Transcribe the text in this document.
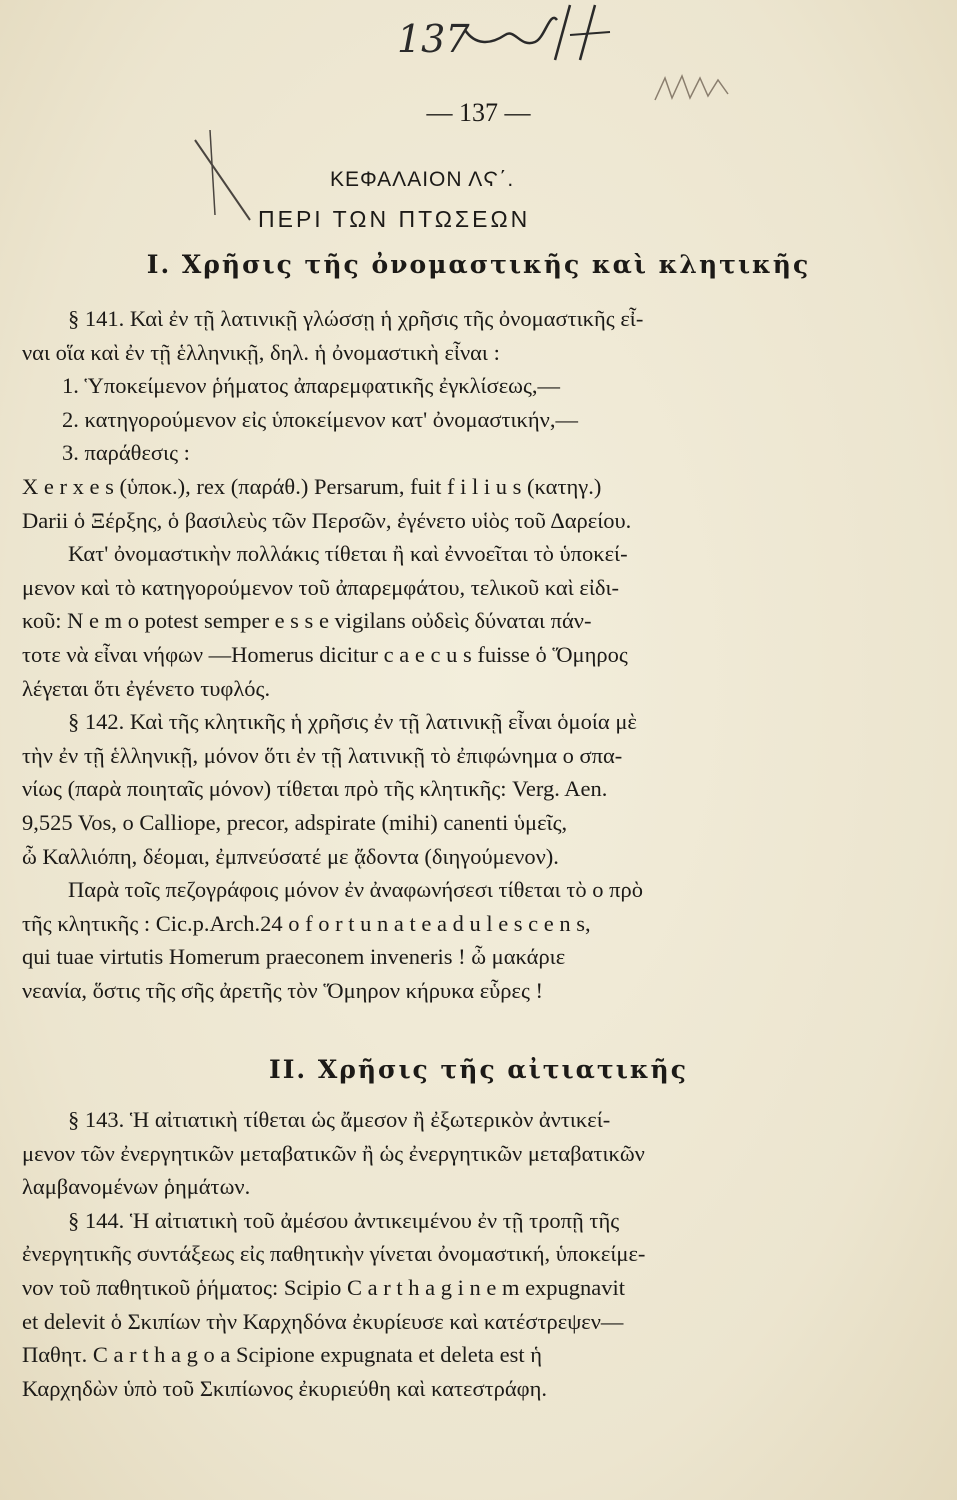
137
— 137 —
ΚΕΦΑΛΑΙΟΝ ΛϚ΄.
ΠΕΡΙ ΤΩΝ ΠΤΩΣΕΩΝ
I. Χρῆσις τῆς ὀνομαστικῆς καὶ κλητικῆς
§ 141. Καὶ ἐν τῇ λατινικῇ γλώσσῃ ἡ χρῆσις τῆς ὀνομαστικῆς εἶ-
ναι οἵα καὶ ἐν τῇ ἑλληνικῇ, δηλ. ἡ ὀνομαστικὴ εἶναι :
1. Ὑποκείμενον ῥήματος ἀπαρεμφατικῆς ἐγκλίσεως,—
2. κατηγορούμενον εἰς ὑποκείμενον κατ' ὀνομαστικήν,—
3. παράθεσις :
X e r x e s (ὑποκ.), rex (παράθ.) Persarum, fuit f i l i u s (κατηγ.)
Darii ὁ Ξέρξης, ὁ βασιλεὺς τῶν Περσῶν, ἐγένετο υἱὸς τοῦ Δαρείου.
Κατ' ὀνομαστικὴν πολλάκις τίθεται ἢ καὶ ἐννοεῖται τὸ ὑποκεί-
μενον καὶ τὸ κατηγορούμενον τοῦ ἀπαρεμφάτου, τελικοῦ καὶ εἰδι-
κοῦ: N e m o potest semper e s s e vigilans οὐδεὶς δύναται πάν-
τοτε νὰ εἶναι νήφων —Homerus dicitur c a e c u s fuisse ὁ Ὅμηρος
λέγεται ὅτι ἐγένετο τυφλός.
§ 142. Καὶ τῆς κλητικῆς ἡ χρῆσις ἐν τῇ λατινικῇ εἶναι ὁμοία μὲ
τὴν ἐν τῇ ἑλληνικῇ, μόνον ὅτι ἐν τῇ λατινικῇ τὸ ἐπιφώνημα o σπα-
νίως (παρὰ ποιηταῖς μόνον) τίθεται πρὸ τῆς κλητικῆς: Verg. Aen.
9,525 Vos, o Calliope, precor, adspirate (mihi) canenti ὑμεῖς,
ὦ Καλλιόπη, δέομαι, ἐμπνεύσατέ με ᾄδοντα (διηγούμενον).
Παρὰ τοῖς πεζογράφοις μόνον ἐν ἀναφωνήσεσι τίθεται τὸ o πρὸ
τῆς κλητικῆς : Cic.p.Arch.24 o f o r t u n a t e a d u l e s c e n s,
qui tuae virtutis Homerum praeconem inveneris ! ὦ μακάριε
νεανία, ὅστις τῆς σῆς ἀρετῆς τὸν Ὅμηρον κήρυκα εὗρες !
II. Χρῆσις τῆς αἰτιατικῆς
§ 143. Ἡ αἰτιατικὴ τίθεται ὡς ἄμεσον ἢ ἐξωτερικὸν ἀντικεί-
μενον τῶν ἐνεργητικῶν μεταβατικῶν ἢ ὡς ἐνεργητικῶν μεταβατικῶν
λαμβανομένων ῥημάτων.
§ 144. Ἡ αἰτιατικὴ τοῦ ἀμέσου ἀντικειμένου ἐν τῇ τροπῇ τῆς
ἐνεργητικῆς συντάξεως εἰς παθητικὴν γίνεται ὀνομαστική, ὑποκείμε-
νον τοῦ παθητικοῦ ῥήματος: Scipio C a r t h a g i n e m expugnavit
et delevit ὁ Σκιπίων τὴν Καρχηδόνα ἐκυρίευσε καὶ κατέστρεψεν—
Παθητ. C a r t h a g o a Scipione expugnata et deleta est ἡ
Καρχηδὼν ὑπὸ τοῦ Σκιπίωνος ἐκυριεύθη καὶ κατεστράφη.
